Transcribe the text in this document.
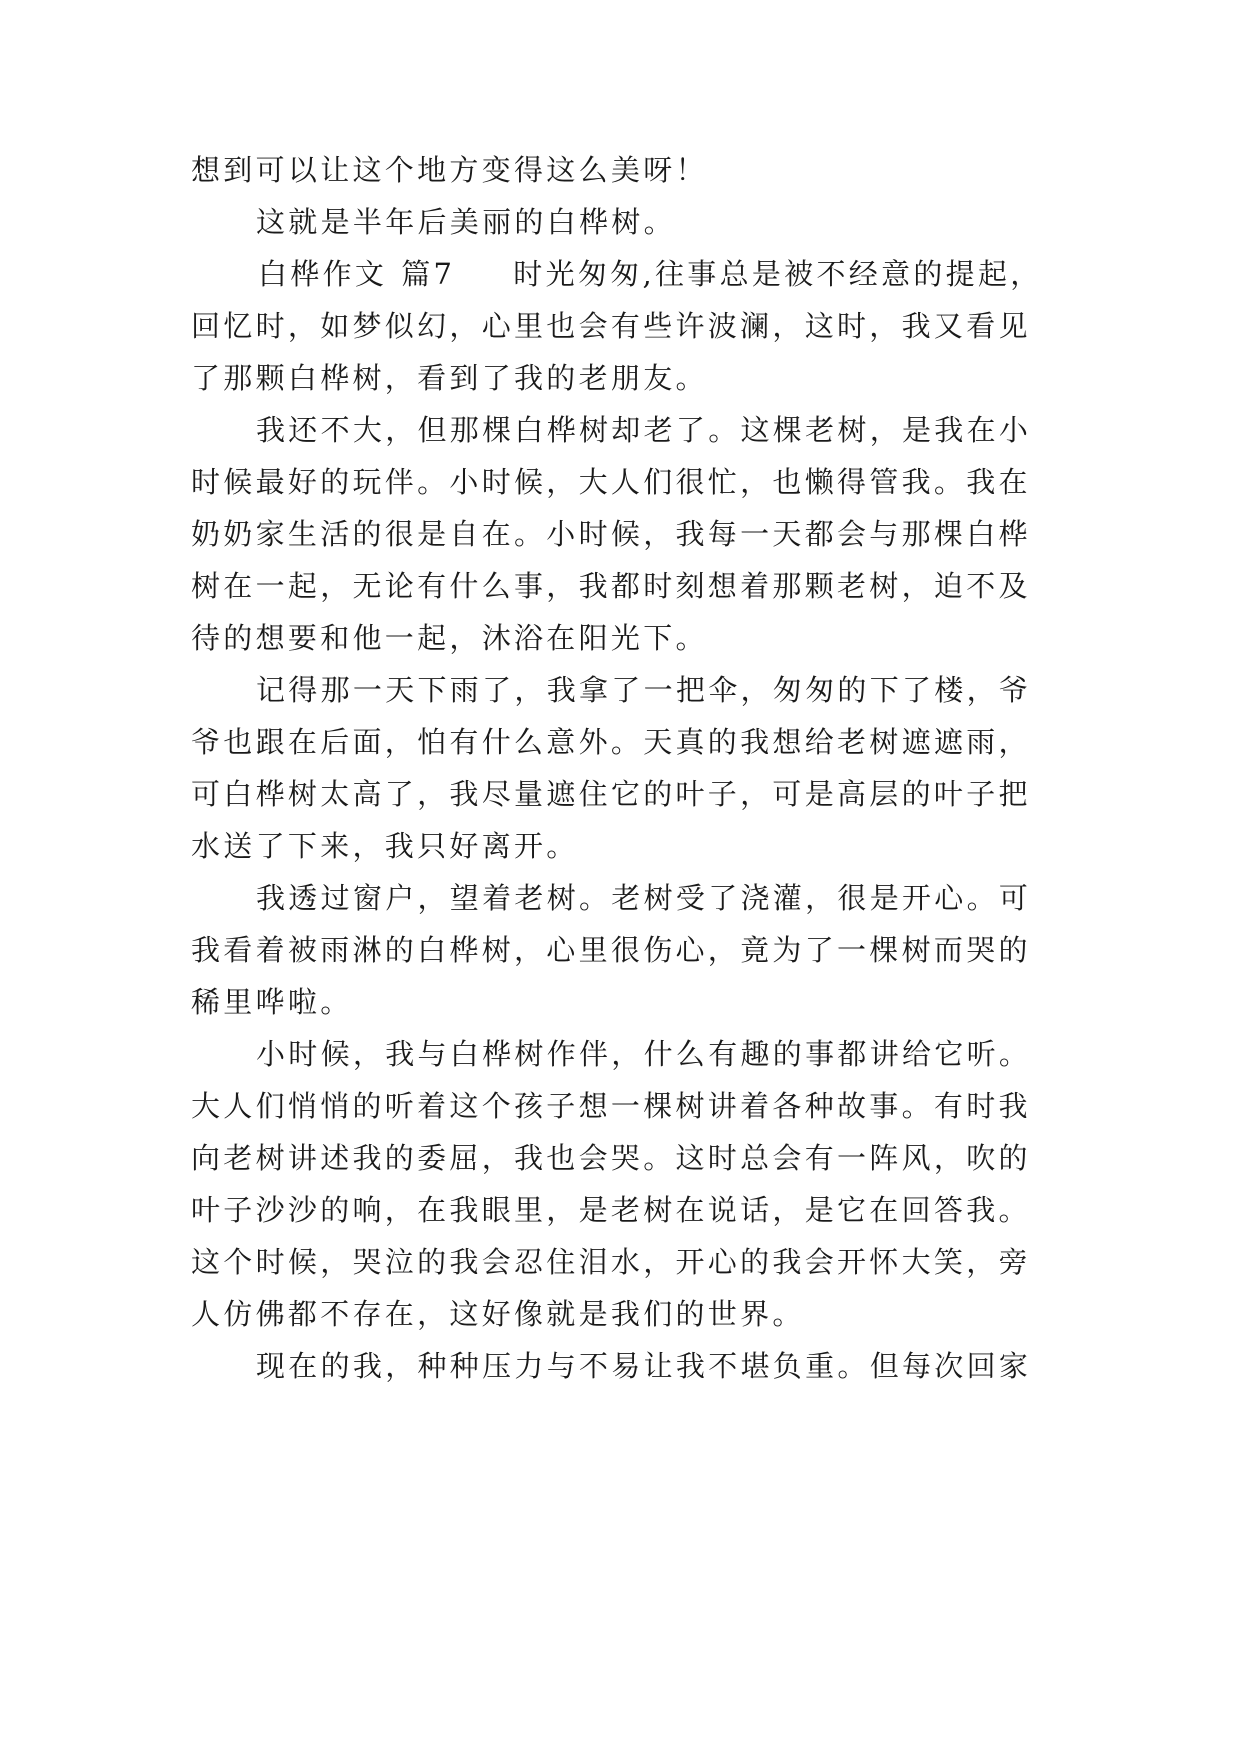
想到可以让这个地方变得这么美呀！
这就是半年后美丽的白桦树。
白桦作文 篇7 时光匆匆,往事总是被不经意的提起，
回忆时，如梦似幻，心里也会有些许波澜，这时，我又看见
了那颗白桦树，看到了我的老朋友。
我还不大，但那棵白桦树却老了。这棵老树，是我在小
时候最好的玩伴。小时候，大人们很忙，也懒得管我。我在
奶奶家生活的很是自在。小时候，我每一天都会与那棵白桦
树在一起，无论有什么事，我都时刻想着那颗老树，迫不及
待的想要和他一起，沐浴在阳光下。
记得那一天下雨了，我拿了一把伞，匆匆的下了楼，爷
爷也跟在后面，怕有什么意外。天真的我想给老树遮遮雨，
可白桦树太高了，我尽量遮住它的叶子，可是高层的叶子把
水送了下来，我只好离开。
我透过窗户，望着老树。老树受了浇灌，很是开心。可
我看着被雨淋的白桦树，心里很伤心，竟为了一棵树而哭的
稀里哗啦。
小时候，我与白桦树作伴，什么有趣的事都讲给它听。
大人们悄悄的听着这个孩子想一棵树讲着各种故事。有时我
向老树讲述我的委屈，我也会哭。这时总会有一阵风，吹的
叶子沙沙的响，在我眼里，是老树在说话，是它在回答我。
这个时候，哭泣的我会忍住泪水，开心的我会开怀大笑，旁
人仿佛都不存在，这好像就是我们的世界。
现在的我，种种压力与不易让我不堪负重。但每次回家
